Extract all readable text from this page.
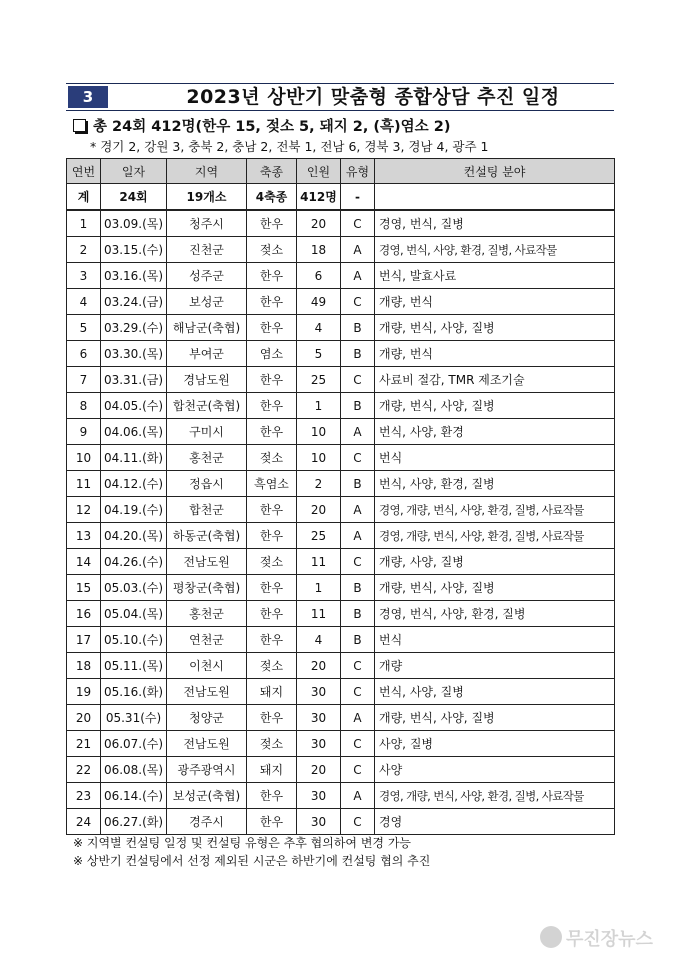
3	2023년 상반기 맞춤형 종합상담 추진 일정
총 24회 412명(한우 15, 젖소 5, 돼지 2, (흑)염소 2)
* 경기 2, 강원 3, 충북 2, 충남 2, 전북 1, 전남 6, 경북 3, 경남 4, 광주 1
연번	일자	지역	축종	인원	유형	컨설팅 분야
계	24회	19개소	4축종	412명	-	
1	03.09.(목)	청주시	한우	20	C	경영, 번식, 질병
2	03.15.(수)	진천군	젖소	18	A	경영, 번식, 사양, 환경, 질병, 사료작물
3	03.16.(목)	성주군	한우	6	A	번식, 발효사료
4	03.24.(금)	보성군	한우	49	C	개량, 번식
5	03.29.(수)	해남군(축협)	한우	4	B	개량, 번식, 사양, 질병
6	03.30.(목)	부여군	염소	5	B	개량, 번식
7	03.31.(금)	경남도원	한우	25	C	사료비 절감, TMR 제조기술
8	04.05.(수)	합천군(축협)	한우	1	B	개량, 번식, 사양, 질병
9	04.06.(목)	구미시	한우	10	A	번식, 사양, 환경
10	04.11.(화)	홍천군	젖소	10	C	번식
11	04.12.(수)	정읍시	흑염소	2	B	번식, 사양, 환경, 질병
12	04.19.(수)	합천군	한우	20	A	경영, 개량, 번식, 사양, 환경, 질병, 사료작물
13	04.20.(목)	하동군(축협)	한우	25	A	경영, 개량, 번식, 사양, 환경, 질병, 사료작물
14	04.26.(수)	전남도원	젖소	11	C	개량, 사양, 질병
15	05.03.(수)	평창군(축협)	한우	1	B	개량, 번식, 사양, 질병
16	05.04.(목)	홍천군	한우	11	B	경영, 번식, 사양, 환경, 질병
17	05.10.(수)	연천군	한우	4	B	번식
18	05.11.(목)	이천시	젖소	20	C	개량
19	05.16.(화)	전남도원	돼지	30	C	번식, 사양, 질병
20	05.31(수)	청양군	한우	30	A	개량, 번식, 사양, 질병
21	06.07.(수)	전남도원	젖소	30	C	사양, 질병
22	06.08.(목)	광주광역시	돼지	20	C	사양
23	06.14.(수)	보성군(축협)	한우	30	A	경영, 개량, 번식, 사양, 환경, 질병, 사료작물
24	06.27.(화)	경주시	한우	30	C	경영
※ 지역별 컨설팅 일정 및 컨설팅 유형은 추후 협의하여 변경 가능
※ 상반기 컨설팅에서 선정 제외된 시군은 하반기에 컨설팅 협의 추진
무진장뉴스
